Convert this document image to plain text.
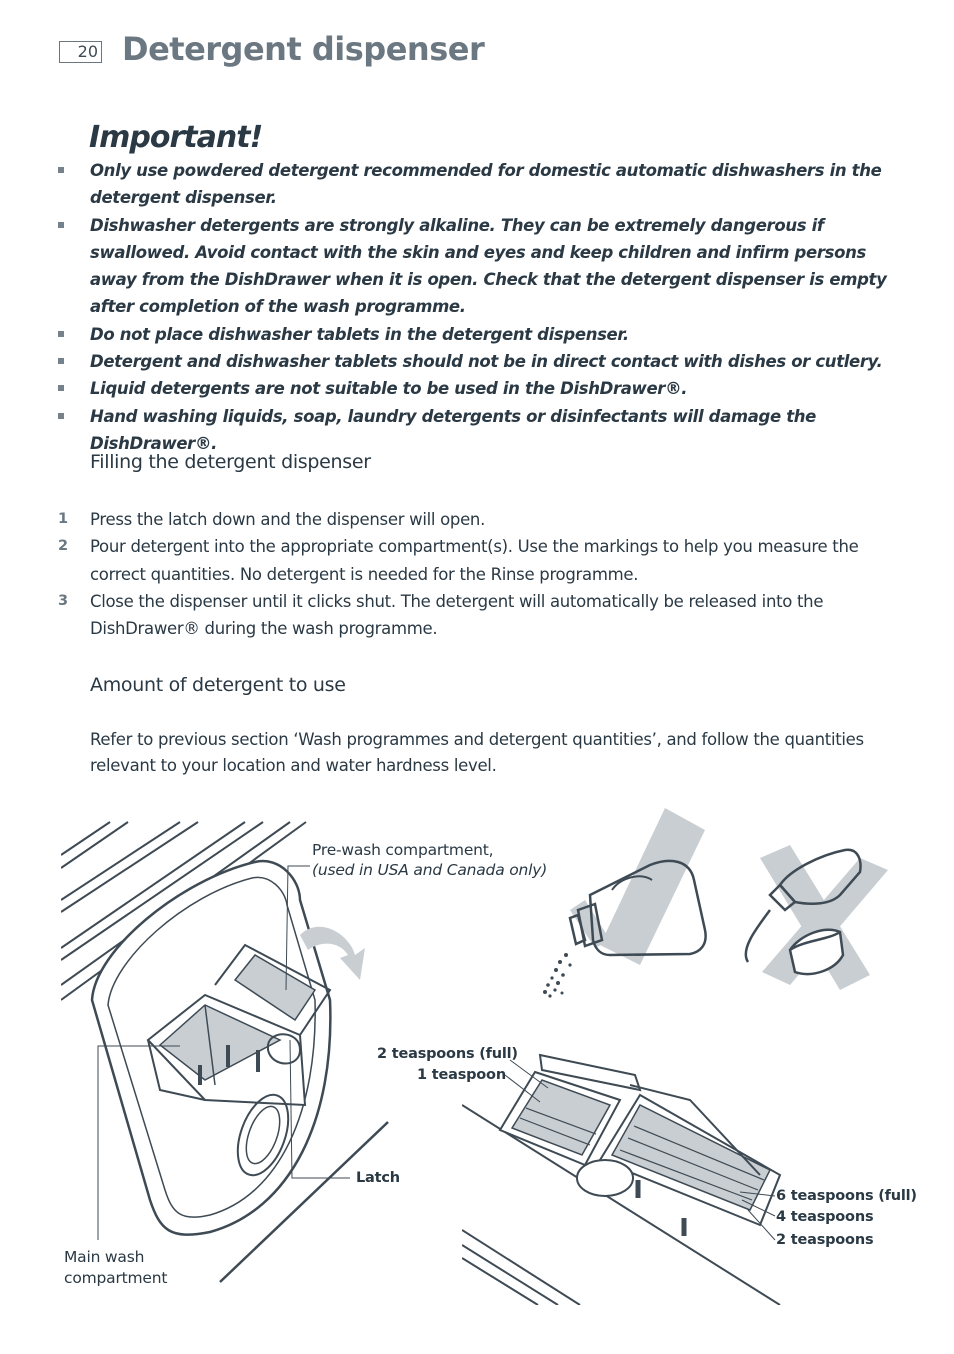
20 Detergent dispenser
Important!
Only use powdered detergent recommended for domestic automatic dishwashers in the detergent dispenser.
Dishwasher detergents are strongly alkaline. They can be extremely dangerous if swallowed. Avoid contact with the skin and eyes and keep children and infirm persons away from the DishDrawer when it is open. Check that the detergent dispenser is empty after completion of the wash programme.
Do not place dishwasher tablets in the detergent dispenser.
Detergent and dishwasher tablets should not be in direct contact with dishes or cutlery.
Liquid detergents are not suitable to be used in the DishDrawer®.
Hand washing liquids, soap, laundry detergents or disinfectants will damage the DishDrawer®.
Filling the detergent dispenser
1 Press the latch down and the dispenser will open.
2 Pour detergent into the appropriate compartment(s). Use the markings to help you measure the correct quantities. No detergent is needed for the Rinse programme.
3 Close the dispenser until it clicks shut. The detergent will automatically be released into the DishDrawer® during the wash programme.
Amount of detergent to use
Refer to previous section ‘Wash programmes and detergent quantities’, and follow the quantities relevant to your location and water hardness level.
Pre-wash compartment,
(used in USA and Canada only)
Latch
Main wash
compartment
2 teaspoons (full)
1 teaspoon
6 teaspoons (full)
4 teaspoons
2 teaspoons
